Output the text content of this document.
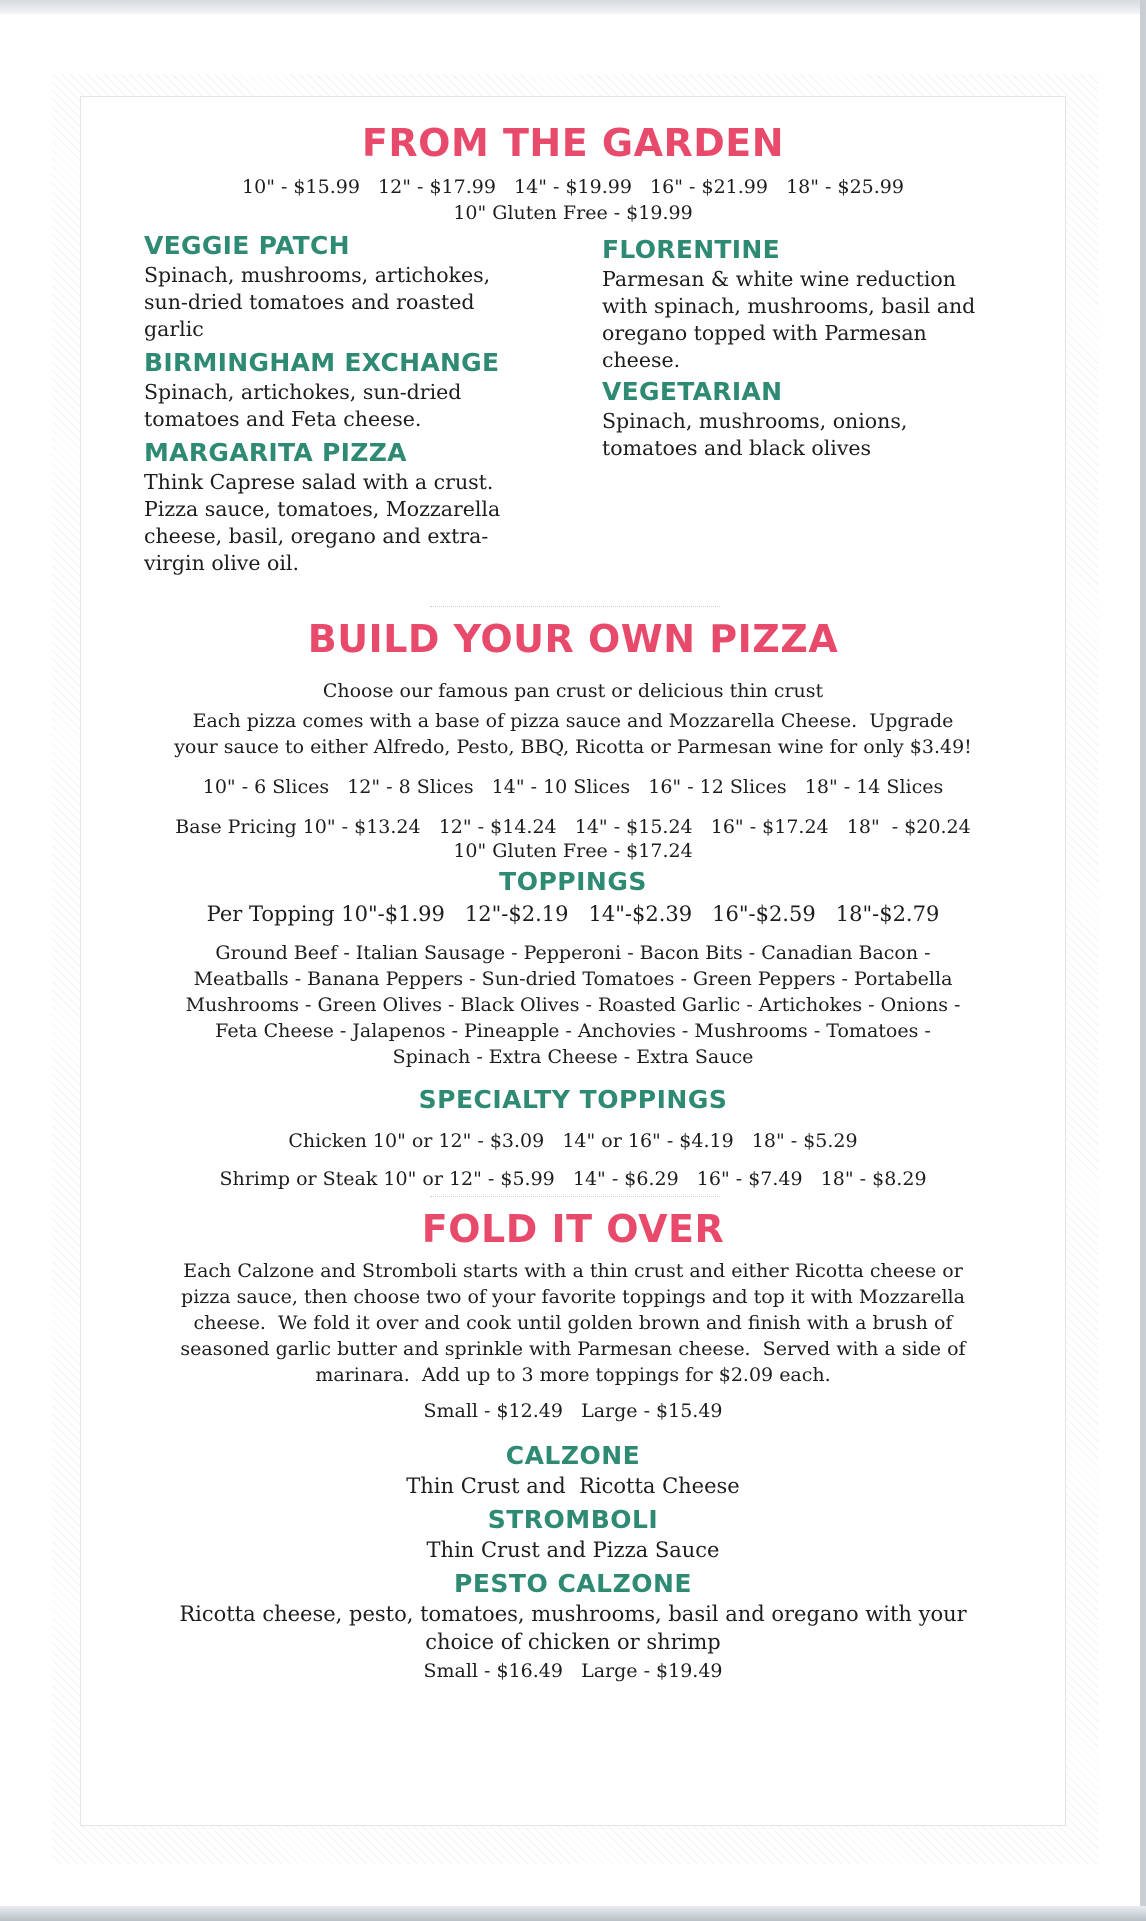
FROM THE GARDEN
10" - $15.99   12" - $17.99   14" - $19.99   16" - $21.99   18" - $25.99
10" Gluten Free - $19.99
VEGGIE PATCH
Spinach, mushrooms, artichokes, sun-dried tomatoes and roasted garlic
BIRMINGHAM EXCHANGE
Spinach, artichokes, sun-dried tomatoes and Feta cheese.
MARGARITA PIZZA
Think Caprese salad with a crust. Pizza sauce, tomatoes, Mozzarella cheese, basil, oregano and extra-virgin olive oil.
FLORENTINE
Parmesan & white wine reduction with spinach, mushrooms, basil and oregano topped with Parmesan cheese.
VEGETARIAN
Spinach, mushrooms, onions, tomatoes and black olives
BUILD YOUR OWN PIZZA
Choose our famous pan crust or delicious thin crust
Each pizza comes with a base of pizza sauce and Mozzarella Cheese.  Upgrade
your sauce to either Alfredo, Pesto, BBQ, Ricotta or Parmesan wine for only $3.49!
10" - 6 Slices   12" - 8 Slices   14" - 10 Slices   16" - 12 Slices   18" - 14 Slices
Base Pricing 10" - $13.24   12" - $14.24   14" - $15.24   16" - $17.24   18"  - $20.24
10" Gluten Free - $17.24
TOPPINGS
Per Topping 10"-$1.99   12"-$2.19   14"-$2.39   16"-$2.59   18"-$2.79
Ground Beef - Italian Sausage - Pepperoni - Bacon Bits - Canadian Bacon -
Meatballs - Banana Peppers - Sun-dried Tomatoes - Green Peppers - Portabella
Mushrooms - Green Olives - Black Olives - Roasted Garlic - Artichokes - Onions -
Feta Cheese - Jalapenos - Pineapple - Anchovies - Mushrooms - Tomatoes -
Spinach - Extra Cheese - Extra Sauce
SPECIALTY TOPPINGS
Chicken 10" or 12" - $3.09   14" or 16" - $4.19   18" - $5.29
Shrimp or Steak 10" or 12" - $5.99   14" - $6.29   16" - $7.49   18" - $8.29
FOLD IT OVER
Each Calzone and Stromboli starts with a thin crust and either Ricotta cheese or
pizza sauce, then choose two of your favorite toppings and top it with Mozzarella
cheese.  We fold it over and cook until golden brown and finish with a brush of
seasoned garlic butter and sprinkle with Parmesan cheese.  Served with a side of
marinara.  Add up to 3 more toppings for $2.09 each.
Small - $12.49   Large - $15.49
CALZONE
Thin Crust and  Ricotta Cheese
STROMBOLI
Thin Crust and Pizza Sauce
PESTO CALZONE
Ricotta cheese, pesto, tomatoes, mushrooms, basil and oregano with your
choice of chicken or shrimp
Small - $16.49   Large - $19.49
